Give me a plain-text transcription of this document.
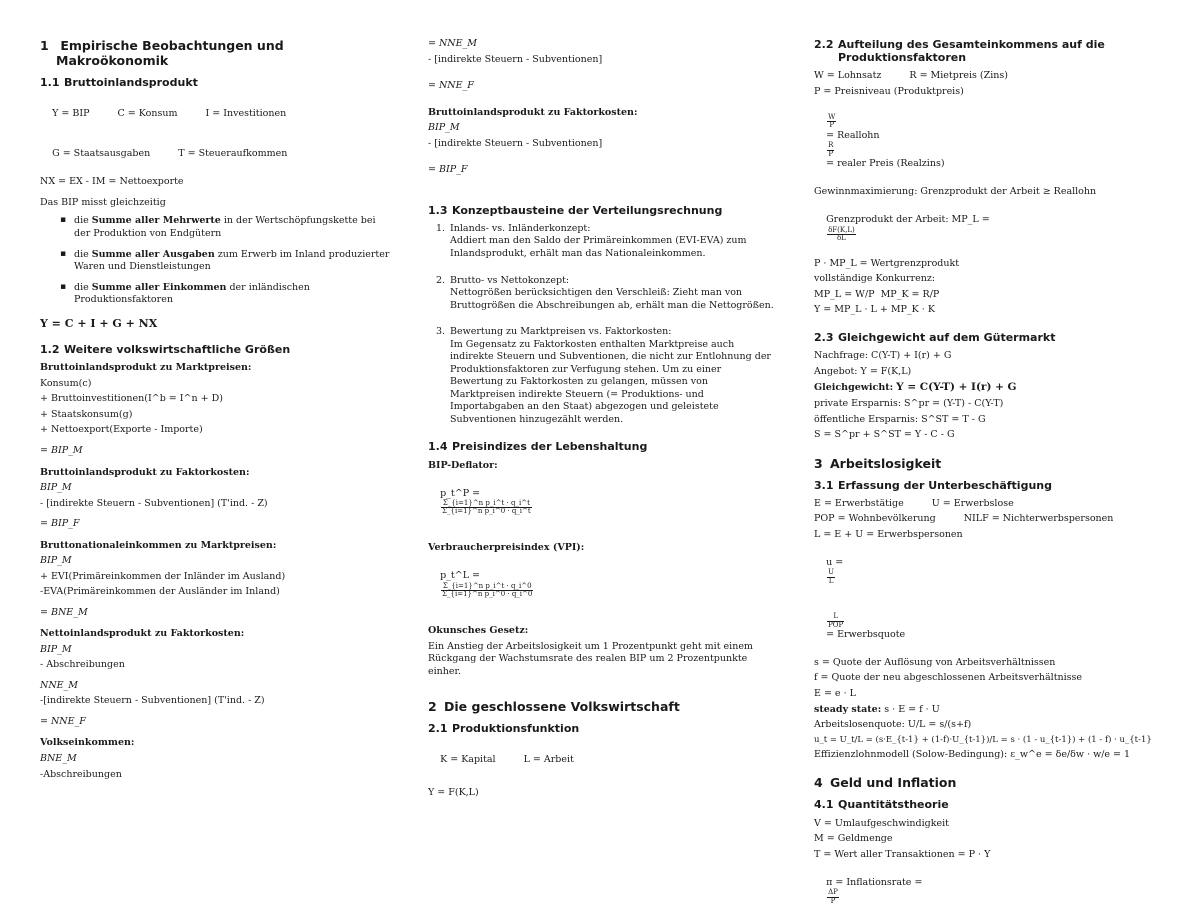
1 Empirische Beobachtungen und
Makroökonomik
1.1 Bruttoinlandsprodukt

Y = BIP	C = Konsum	I = Investitionen

G = Staatsausgaben	T = Steueraufkommen

NX = EX - IM = Nettoexporte
Das BIP misst gleichzeitig
▪ die Summe aller Mehrwerte in der Wertschöpfungskette bei der Produktion von Endgütern
▪ die Summe aller Ausgaben zum Erwerb im Inland produzierter Waren und Dienstleistungen
▪ die Summe aller Einkommen der inländischen Produktionsfaktoren
Y = C + I + G + NX
1.2 Weitere volkswirtschaftliche Größen
Bruttoinlandsprodukt zu Marktpreisen:
Konsum(c)
+ Bruttoinvestitionen(I^b = I^n + D)
+ Staatskonsum(g)
+ Nettoexport(Exporte - Importe)
= BIP_M
Bruttoinlandsprodukt zu Faktorkosten:
BIP_M
- [indirekte Steuern - Subventionen] (T'ind. - Z)
= BIP_F
Bruttonationaleinkommen zu Marktpreisen:
BIP_M
+ EVI(Primäreinkommen der Inländer im Ausland)
-EVA(Primäreinkommen der Ausländer im Inland)
= BNE_M
Nettoinlandsprodukt zu Faktorkosten:
BIP_M
- Abschreibungen
NNE_M
-[indirekte Steuern - Subventionen] (T'ind. - Z)
= NNE_F
Volkseinkommen:
BNE_M
-Abschreibungen
= NNE_M
- [indirekte Steuern - Subventionen]
= NNE_F
Bruttoinlandsprodukt zu Faktorkosten:
BIP_M
- [indirekte Steuern - Subventionen]
= BIP_F
1.3 Konzeptbausteine der Verteilungsrechnung
1. Inlands- vs. Inländerkonzept:
Addiert man den Saldo der Primäreinkommen (EVI-EVA) zum Inlandsprodukt, erhält man das Nationaleinkommen.
2. Brutto- vs Nettokonzept:
Nettogrößen berücksichtigen den Verschleiß: Zieht man von Bruttogrößen die Abschreibungen ab, erhält man die Nettogrößen.
3. Bewertung zu Marktpreisen vs. Faktorkosten:
Im Gegensatz zu Faktorkosten enthalten Marktpreise auch indirekte Steuern und Subventionen, die nicht zur Entlohnung der Produktionsfaktoren zur Verfugung stehen. Um zu einer Bewertung zu Faktorkosten zu gelangen, müssen von Marktpreisen indirekte Steuern (= Produktions- und Importabgaben an den Staat) abgezogen und geleistete Subventionen hinzugezählt werden.
1.4 Preisindizes der Lebenshaltung
BIP-Deflator:

p_t^P =

$\frac{\text{Σ\_\{i=1\}\textasciicircum{}n p\_i\textasciicircum{}t · q\_i\textasciicircum{}t}}{\text{Σ\_\{i=1\}\textasciicircum{}n p\_i\textasciicircum{}0 · q\_i\textasciicircum{}t}}$

Verbraucherpreisindex (VPI):

p_t^L =

$\frac{\text{Σ\_\{i=1\}\textasciicircum{}n p\_i\textasciicircum{}t · q\_i\textasciicircum{}0}}{\text{Σ\_\{i=1\}\textasciicircum{}n p\_i\textasciicircum{}0 · q\_i\textasciicircum{}0}}$

Okunsches Gesetz:
Ein Anstieg der Arbeitslosigkeit um 1 Prozentpunkt geht mit einem Rückgang der Wachstumsrate des realen BIP um 2 Prozentpunkte einher.
2 Die geschlossene Volkswirtschaft
2.1 Produktionsfunktion

K = Kapital	L = Arbeit

Y = F(K,L)
2.2 Aufteilung des Gesamteinkommens auf die
Produktionsfaktoren
W = Lohnsatz	R = Mietpreis (Zins)
P = Preisniveau (Produktpreis)

$\frac{W}{P}$

= Reallohn

$\frac{R}{P}$

= realer Preis (Realzins)

Gewinnmaximierung: Grenzprodukt der Arbeit ≥ Reallohn

Grenzprodukt der Arbeit: MP_L =

$\frac{\delta F(K,L)}{\delta L}$

P · MP_L = Wertgrenzprodukt
vollständige Konkurrenz:
MP_L = W/P  MP_K = R/P
Y = MP_L · L + MP_K · K
2.3 Gleichgewicht auf dem Gütermarkt
Nachfrage: C(Y-T) + I(r) + G
Angebot: Y = F(K,L)
Gleichgewicht: Y = C(Y-T) + I(r) + G
private Ersparnis: S^pr = (Y-T) - C(Y-T)
öffentliche Ersparnis: S^ST = T - G
S = S^pr + S^ST = Y - C - G
3 Arbeitslosigkeit
3.1 Erfassung der Unterbeschäftigung
E = Erwerbstätige	U = Erwerbslose
POP = Wohnbevölkerung	NILF = Nichterwerbspersonen
L = E + U = Erwerbspersonen

u =

$\frac{U}{L}$

$\frac{L}{\text{POP}}$

= Erwerbsquote

s = Quote der Auflösung von Arbeitsverhältnissen
f = Quote der neu abgeschlossenen Arbeitsverhältnisse
E = e · L
steady state: s · E = f · U
Arbeitslosenquote: U/L = s/(s+f)
u_t = U_t/L = (s·E_{t-1} + (1-f)·U_{t-1})/L = s · (1 - u_{t-1}) + (1 - f) · u_{t-1}
Effizienzlohnmodell (Solow-Bedingung): ε_w^e = δe/δw · w/e = 1
4 Geld und Inflation
4.1 Quantitätstheorie
V = Umlaufgeschwindigkeit
M = Geldmenge
T = Wert aller Transaktionen = P · Y

π = Inflationsrate =

$\frac{\Delta P}{P}$
